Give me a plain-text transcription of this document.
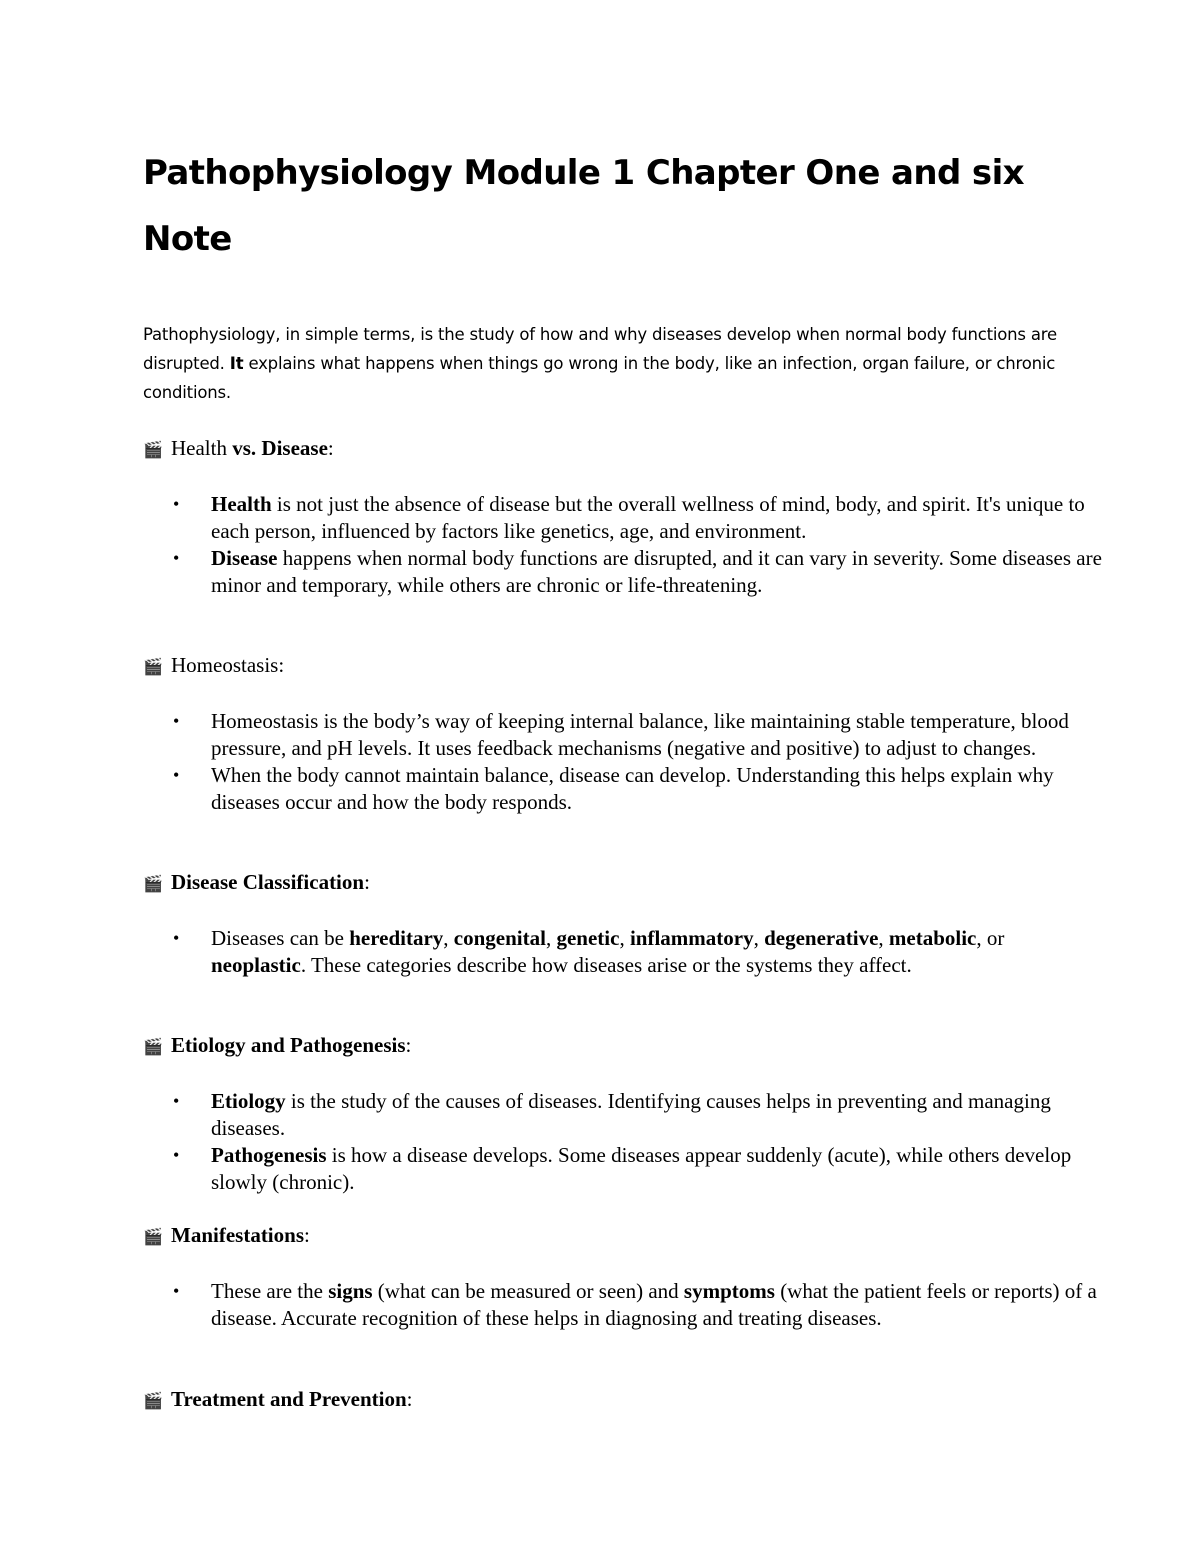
Pathophysiology Module 1 Chapter One and six
Note

Pathophysiology, in simple terms, is the study of how and why diseases develop when normal body functions are disrupted. It explains what happens when things go wrong in the body, like an infection, organ failure, or chronic conditions.

🎬 Health vs. Disease:

• Health is not just the absence of disease but the overall wellness of mind, body, and spirit. It's unique to each person, influenced by factors like genetics, age, and environment.
• Disease happens when normal body functions are disrupted, and it can vary in severity. Some diseases are minor and temporary, while others are chronic or life-threatening.

🎬 Homeostasis:

• Homeostasis is the body’s way of keeping internal balance, like maintaining stable temperature, blood pressure, and pH levels. It uses feedback mechanisms (negative and positive) to adjust to changes.
• When the body cannot maintain balance, disease can develop. Understanding this helps explain why diseases occur and how the body responds.

🎬 Disease Classification:

• Diseases can be hereditary, congenital, genetic, inflammatory, degenerative, metabolic, or neoplastic. These categories describe how diseases arise or the systems they affect.

🎬 Etiology and Pathogenesis:

• Etiology is the study of the causes of diseases. Identifying causes helps in preventing and managing diseases.
• Pathogenesis is how a disease develops. Some diseases appear suddenly (acute), while others develop slowly (chronic).

🎬 Manifestations:

• These are the signs (what can be measured or seen) and symptoms (what the patient feels or reports) of a disease. Accurate recognition of these helps in diagnosing and treating diseases.

🎬 Treatment and Prevention:
